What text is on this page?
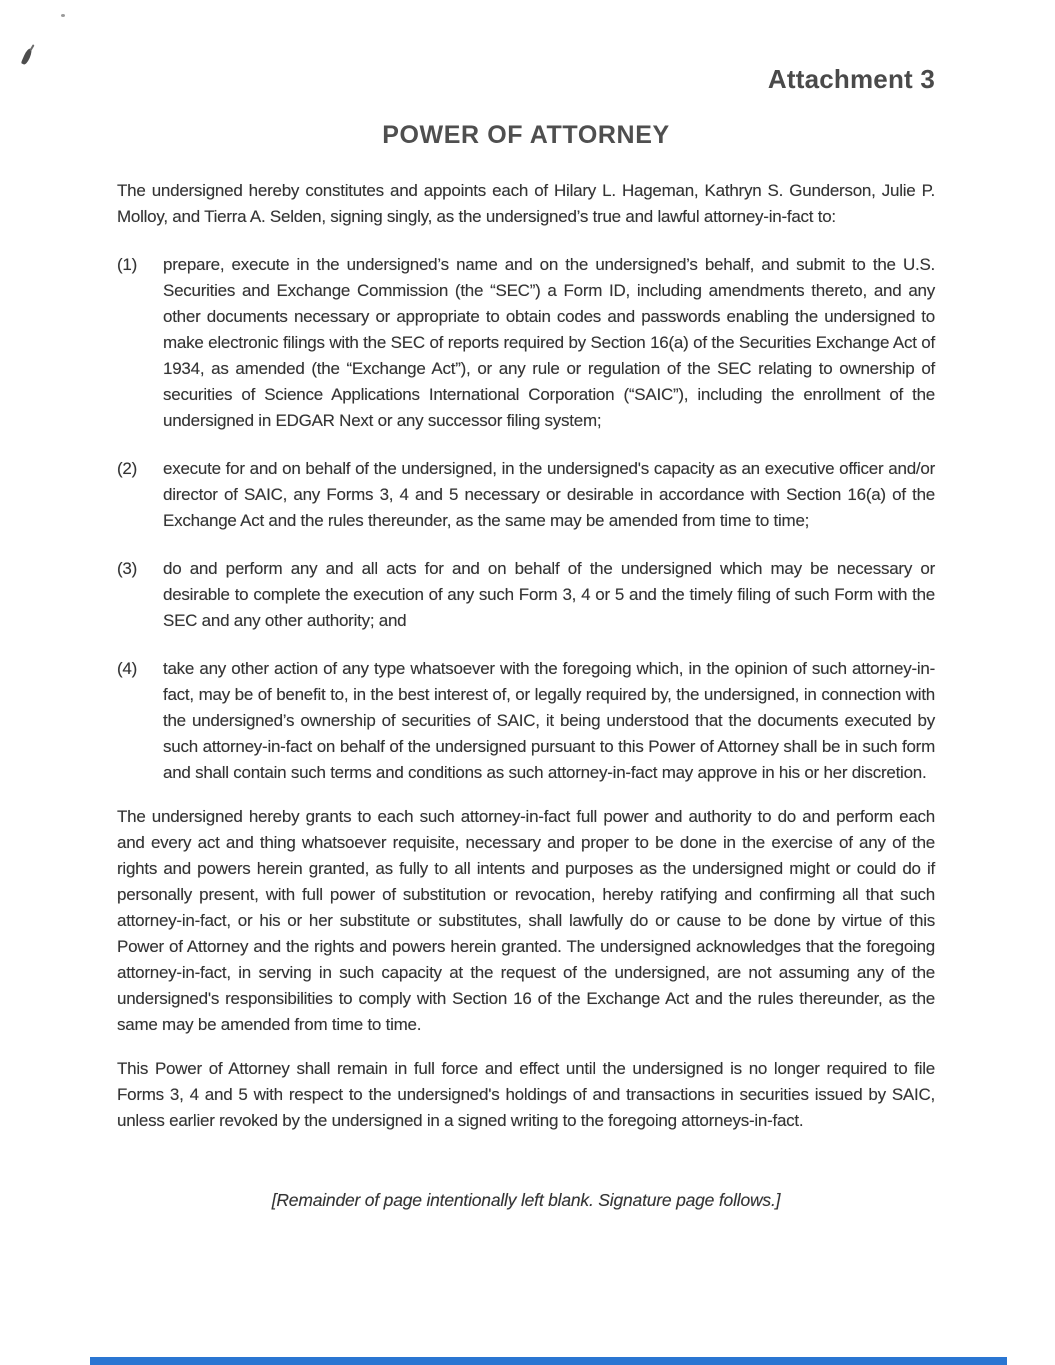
Attachment 3
POWER OF ATTORNEY

The undersigned hereby constitutes and appoints each of Hilary L. Hageman, Kathryn S. Gunderson, Julie P. Molloy, and Tierra A. Selden, signing singly, as the undersigned’s true and lawful attorney-in-fact to:

(1)	prepare, execute in the undersigned’s name and on the undersigned’s behalf, and submit to the U.S. Securities and Exchange Commission (the “SEC”) a Form ID, including amendments thereto, and any other documents necessary or appropriate to obtain codes and passwords enabling the undersigned to make electronic filings with the SEC of reports required by Section 16(a) of the Securities Exchange Act of 1934, as amended (the “Exchange Act”), or any rule or regulation of the SEC relating to ownership of securities of Science Applications International Corporation (“SAIC”), including the enrollment of the undersigned in EDGAR Next or any successor filing system;
(2)	execute for and on behalf of the undersigned, in the undersigned's capacity as an executive officer and/or director of SAIC, any Forms 3, 4 and 5 necessary or desirable in accordance with Section 16(a) of the Exchange Act and the rules thereunder, as the same may be amended from time to time;
(3)	do and perform any and all acts for and on behalf of the undersigned which may be necessary or desirable to complete the execution of any such Form 3, 4 or 5 and the timely filing of such Form with the SEC and any other authority; and
(4)	take any other action of any type whatsoever with the foregoing which, in the opinion of such attorney-in-fact, may be of benefit to, in the best interest of, or legally required by, the undersigned, in connection with the undersigned’s ownership of securities of SAIC, it being understood that the documents executed by such attorney-in-fact on behalf of the undersigned pursuant to this Power of Attorney shall be in such form and shall contain such terms and conditions as such attorney-in-fact may approve in his or her discretion.

The undersigned hereby grants to each such attorney-in-fact full power and authority to do and perform each and every act and thing whatsoever requisite, necessary and proper to be done in the exercise of any of the rights and powers herein granted, as fully to all intents and purposes as the undersigned might or could do if personally present, with full power of substitution or revocation, hereby ratifying and confirming all that such attorney-in-fact, or his or her substitute or substitutes, shall lawfully do or cause to be done by virtue of this Power of Attorney and the rights and powers herein granted. The undersigned acknowledges that the foregoing attorney-in-fact, in serving in such capacity at the request of the undersigned, are not assuming any of the undersigned's responsibilities to comply with Section 16 of the Exchange Act and the rules thereunder, as the same may be amended from time to time.

This Power of Attorney shall remain in full force and effect until the undersigned is no longer required to file Forms 3, 4 and 5 with respect to the undersigned's holdings of and transactions in securities issued by SAIC, unless earlier revoked by the undersigned in a signed writing to the foregoing attorneys-in-fact.

[Remainder of page intentionally left blank. Signature page follows.]
